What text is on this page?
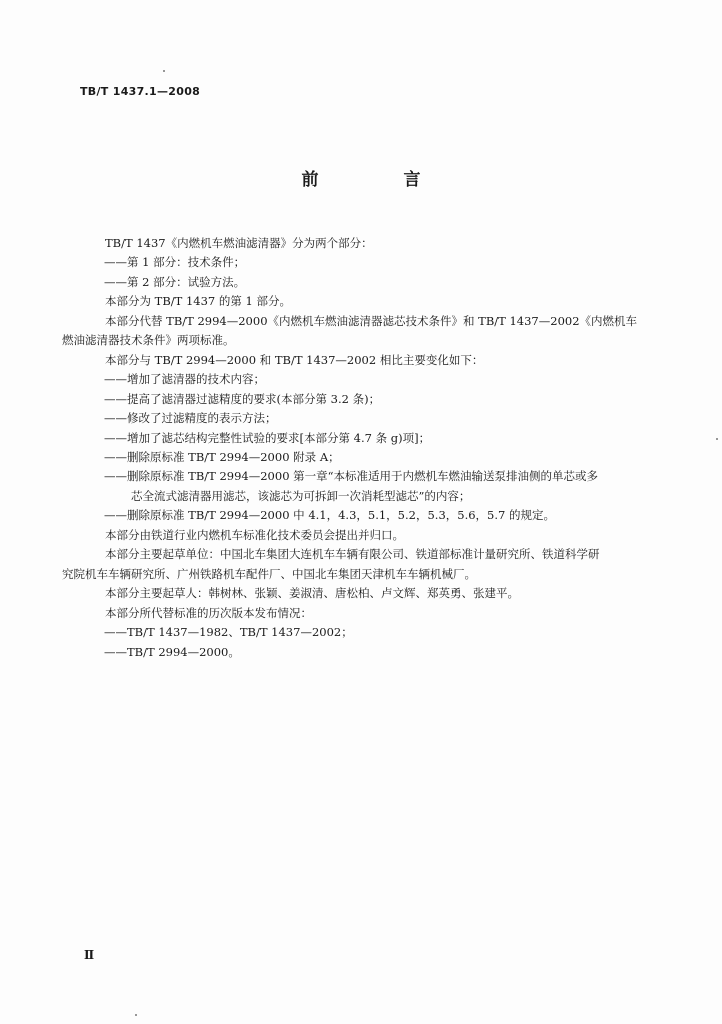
TB/T 1437.1—2008
前　言
TB/T 1437《内燃机车燃油滤清器》分为两个部分：
——第 1 部分：技术条件；
——第 2 部分：试验方法。
本部分为 TB/T 1437 的第 1 部分。
本部分代替 TB/T 2994—2000《内燃机车燃油滤清器滤芯技术条件》和 TB/T 1437—2002《内燃机车
燃油滤清器技术条件》两项标准。
本部分与 TB/T 2994—2000 和 TB/T 1437—2002 相比主要变化如下：
——增加了滤清器的技术内容；
——提高了滤清器过滤精度的要求(本部分第 3.2 条)；
——修改了过滤精度的表示方法；
——增加了滤芯结构完整性试验的要求[本部分第 4.7 条 g)项]；
——删除原标准 TB/T 2994—2000 附录 A；
——删除原标准 TB/T 2994—2000 第一章“本标准适用于内燃机车燃油输送泵排油侧的单芯或多
芯全流式滤清器用滤芯，该滤芯为可拆卸一次消耗型滤芯”的内容；
——删除原标准 TB/T 2994—2000 中 4.1，4.3，5.1，5.2，5.3，5.6，5.7 的规定。
本部分由铁道行业内燃机车标准化技术委员会提出并归口。
本部分主要起草单位：中国北车集团大连机车车辆有限公司、铁道部标准计量研究所、铁道科学研
究院机车车辆研究所、广州铁路机车配件厂、中国北车集团天津机车车辆机械厂。
本部分主要起草人：韩树林、张颖、姜淑清、唐松柏、卢文辉、郑英勇、张建平。
本部分所代替标准的历次版本发布情况：
——TB/T 1437—1982、TB/T 1437—2002；
——TB/T 2994—2000。
Ⅱ
